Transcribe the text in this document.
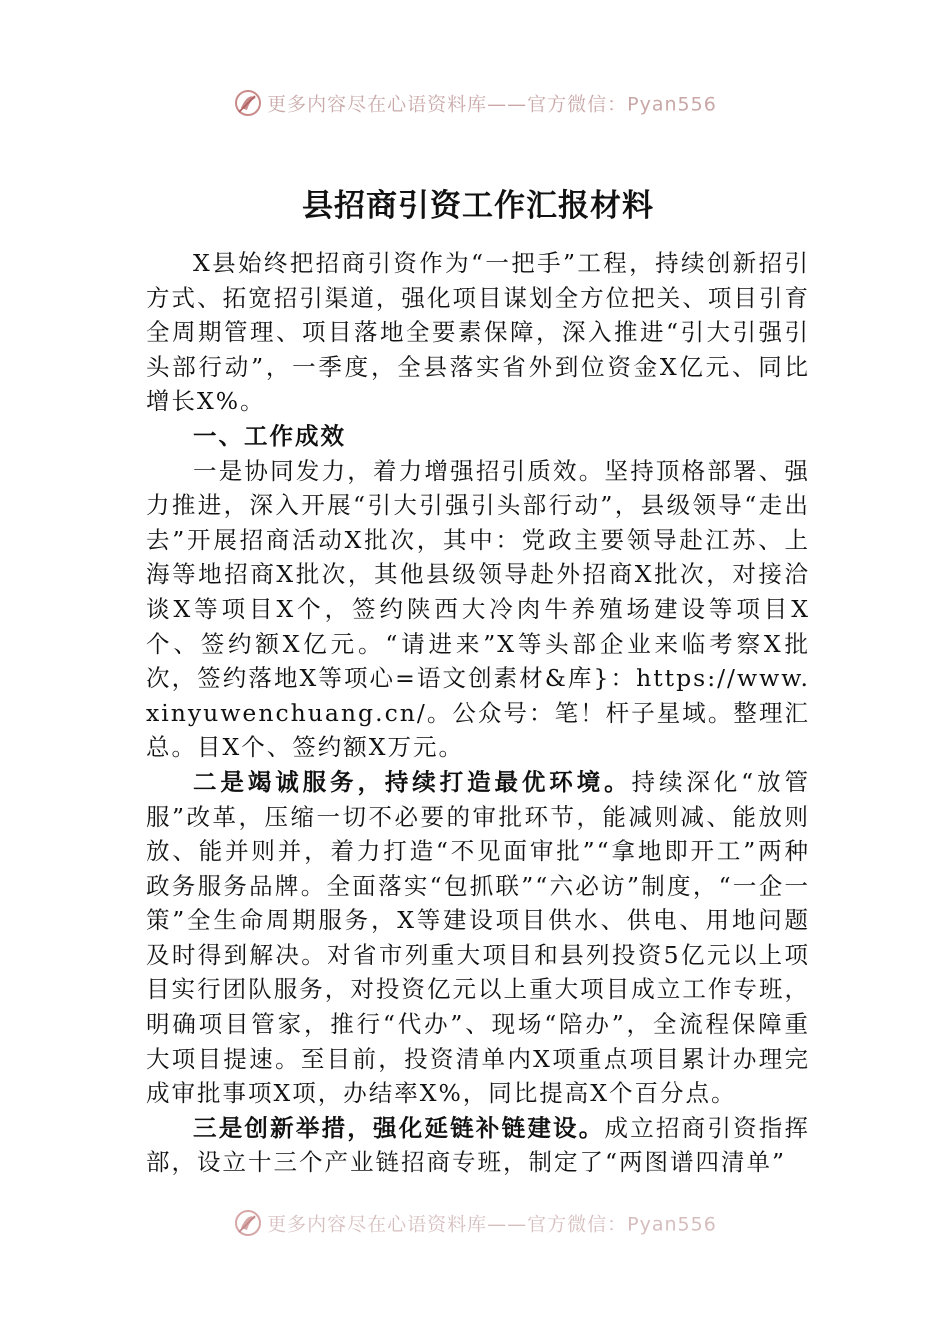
更多内容尽在心语资料库——官方微信：Pyan556
县招商引资工作汇报材料

X县始终把招商引资作为“一把手”工程，持续创新招引方式、拓宽招引渠道，强化项目谋划全方位把关、项目引育全周期管理、项目落地全要素保障，深入推进“引大引强引头部行动”，一季度，全县落实省外到位资金X亿元、同比增长X%。

一、工作成效

一是协同发力，着力增强招引质效。坚持顶格部署、强力推进，深入开展“引大引强引头部行动”，县级领导“走出去”开展招商活动X批次，其中：党政主要领导赴江苏、上海等地招商X批次，其他县级领导赴外招商X批次，对接洽谈X等项目X个，签约陕西大冷肉牛养殖场建设等项目X个、签约额X亿元。“请进来”X等头部企业来临考察X批次，签约落地X等项心=语文创素材&库}：https://www.xinyuwenchuang.cn/。公众号：笔！杆子星域。整理汇总。目X个、签约额X万元。

二是竭诚服务，持续打造最优环境。持续深化“放管服”改革，压缩一切不必要的审批环节，能减则减、能放则放、能并则并，着力打造“不见面审批”“拿地即开工”两种政务服务品牌。全面落实“包抓联”“六必访”制度，“一企一策”全生命周期服务，X等建设项目供水、供电、用地问题及时得到解决。对省市列重大项目和县列投资5亿元以上项目实行团队服务，对投资亿元以上重大项目成立工作专班，明确项目管家，推行“代办”、现场“陪办”，全流程保障重大项目提速。至目前，投资清单内X项重点项目累计办理完成审批事项X项，办结率X%，同比提高X个百分点。

三是创新举措，强化延链补链建设。成立招商引资指挥部，设立十三个产业链招商专班，制定了“两图谱四清单”

更多内容尽在心语资料库——官方微信：Pyan556
